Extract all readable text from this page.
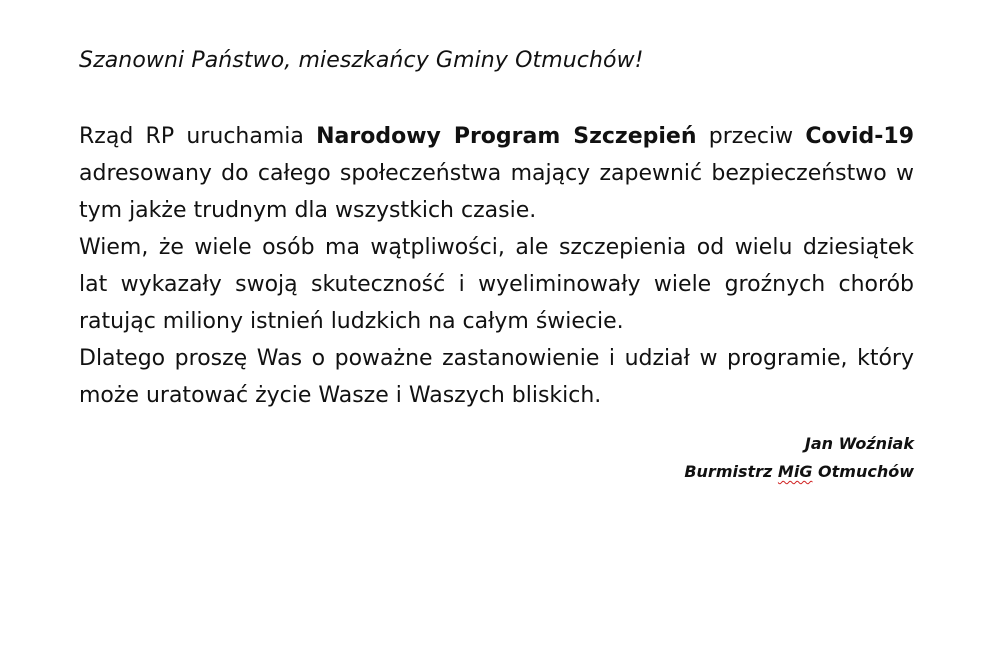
Szanowni Państwo, mieszkańcy Gminy Otmuchów!

Rząd RP uruchamia Narodowy Program Szczepień przeciw Covid-19 adresowany do całego społeczeństwa mający zapewnić bezpieczeństwo w tym jakże trudnym dla wszystkich czasie.

Wiem, że wiele osób ma wątpliwości, ale szczepienia od wielu dziesiątek lat wykazały swoją skuteczność i wyeliminowały wiele groźnych chorób ratując miliony istnień ludzkich na całym świecie.

Dlatego proszę Was o poważne zastanowienie i udział w programie, który może uratować życie Wasze i Waszych bliskich.

Jan Woźniak
Burmistrz MiG Otmuchów
